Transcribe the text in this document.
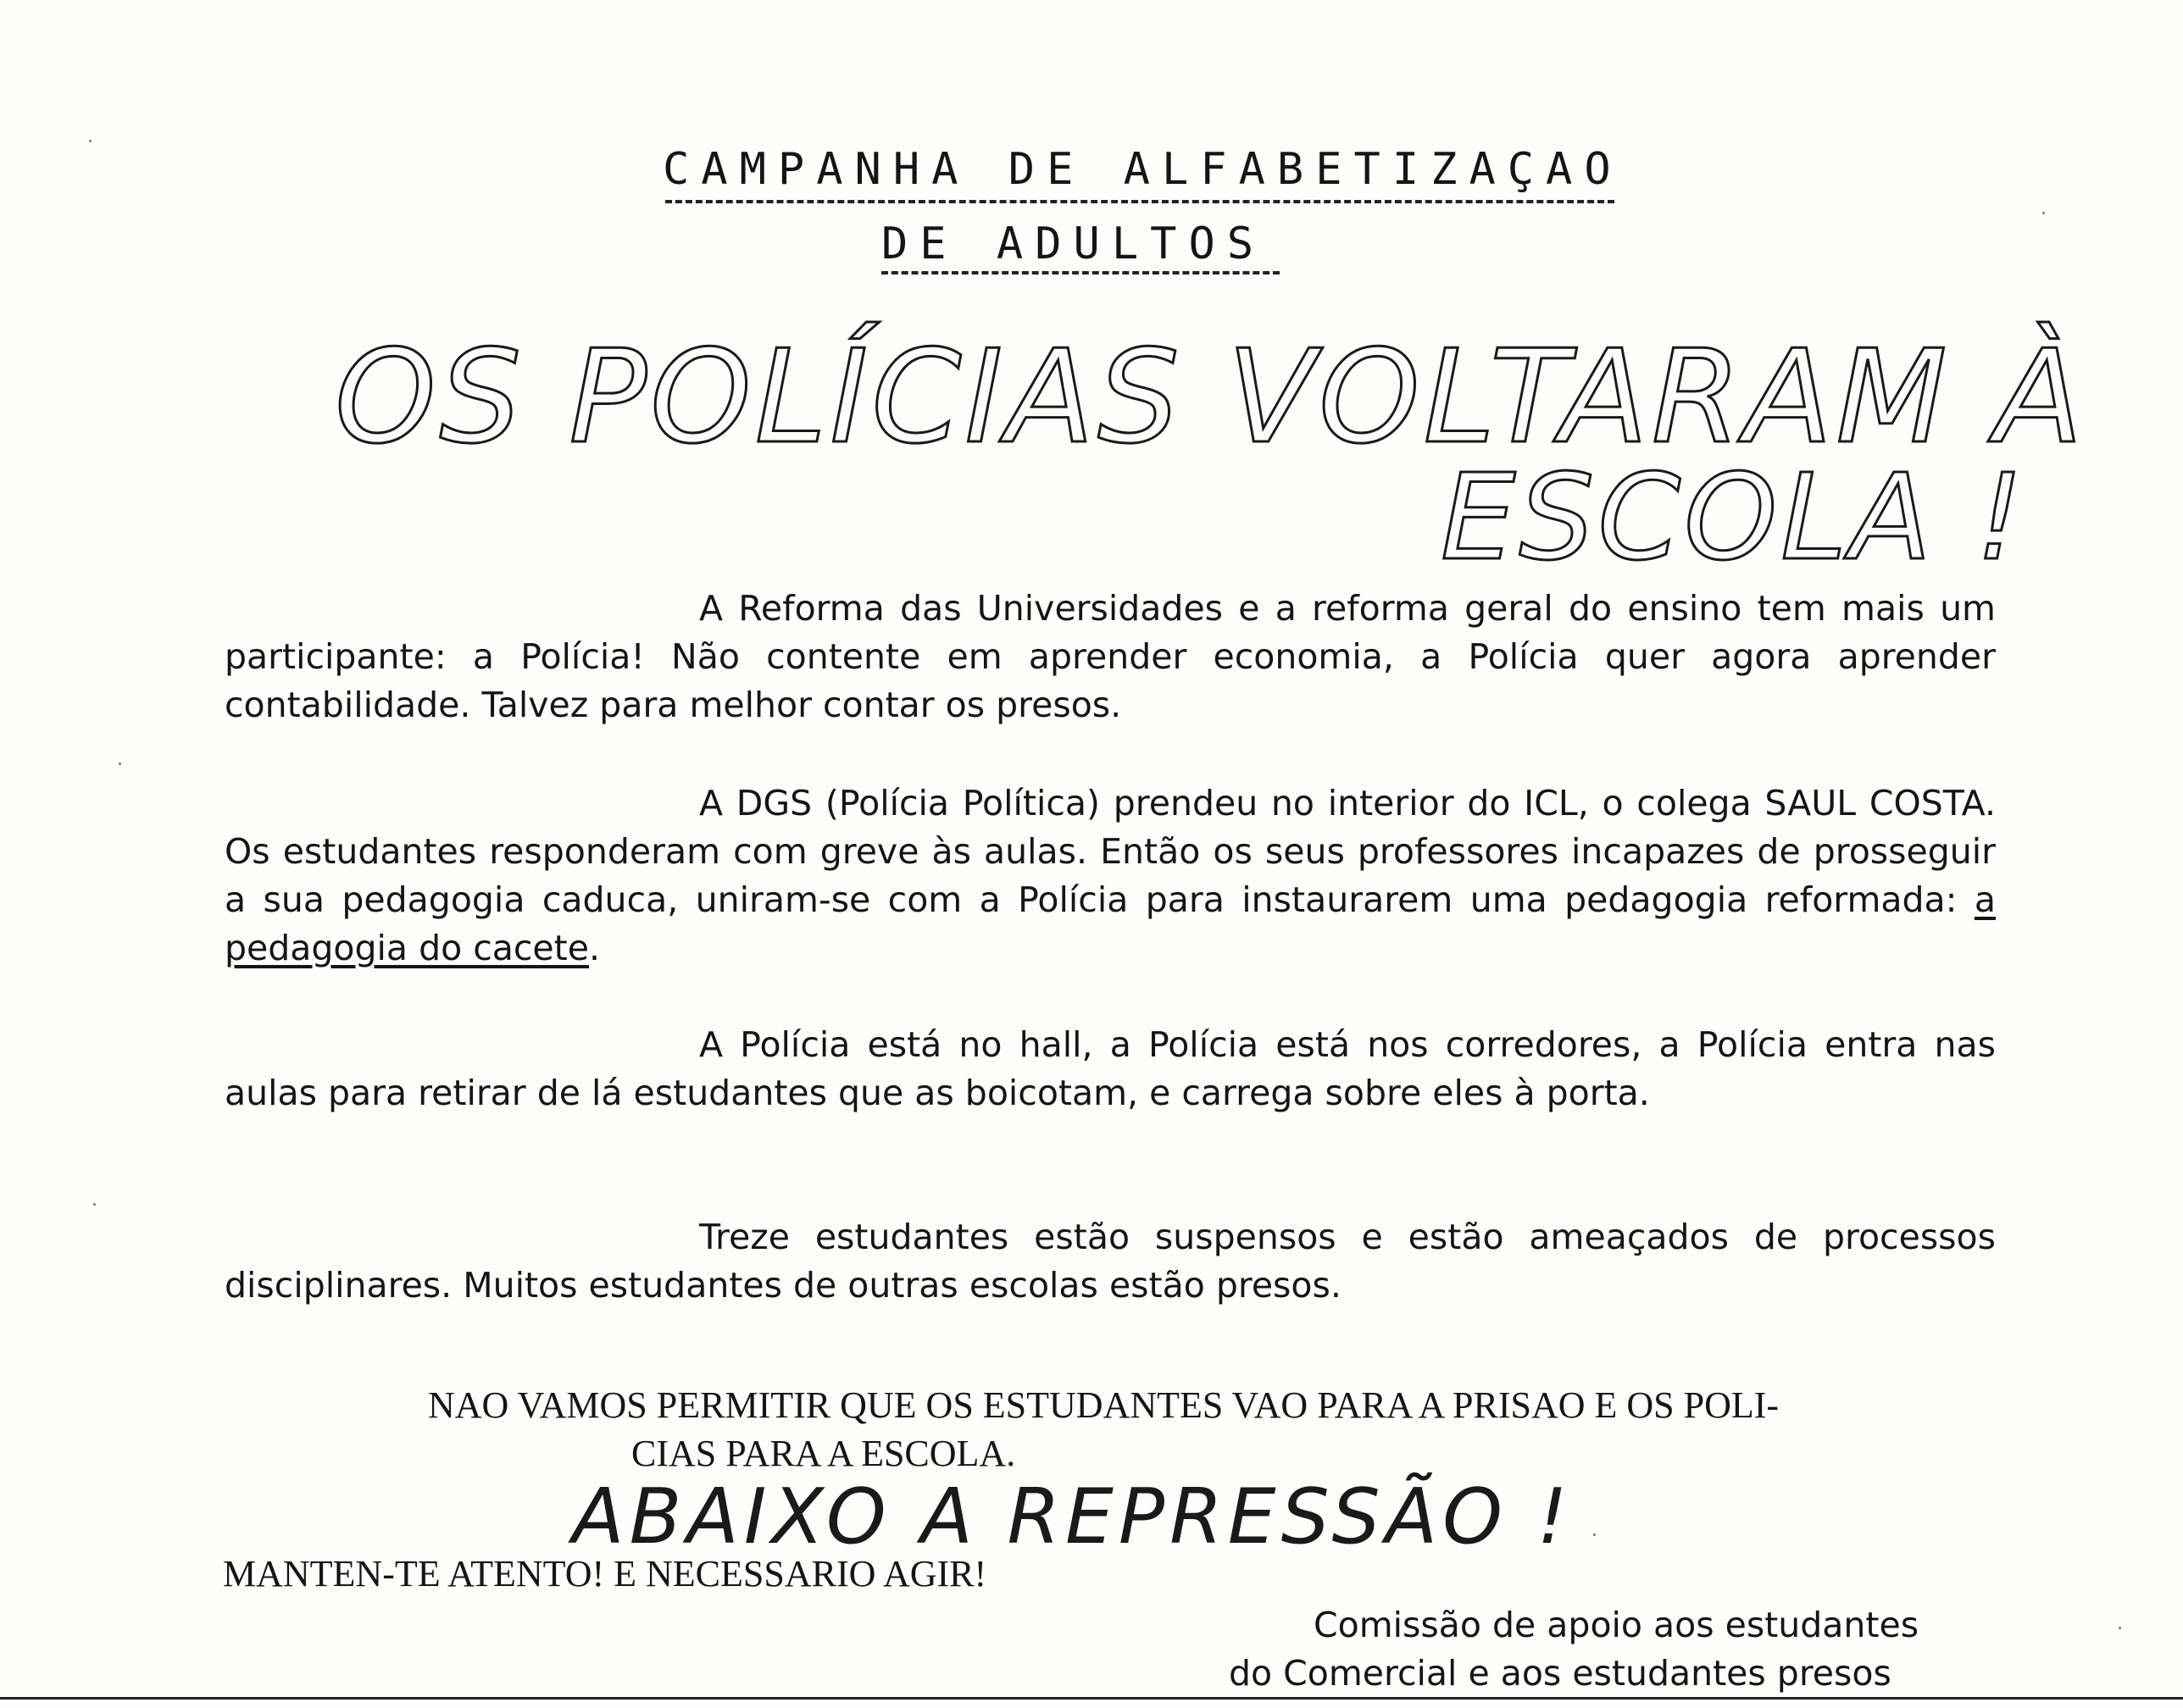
CAMPANHA DE ALFABETIZAÇAO
DE ADULTOS
OS POLÍCIAS VOLTARAM À
ESCOLA !
A Reforma das Universidades e a reforma geral do ensino tem mais um participante: a Polícia! Não contente em aprender economia, a Polícia quer agora aprender contabilidade. Talvez para melhor contar os presos.
A DGS (Polícia Política) prendeu no interior do ICL, o colega SAUL COSTA. Os estudantes responderam com greve às aulas. Então os seus professores incapazes de prosseguir a sua pedagogia caduca, uniram-se com a Polícia para instaurarem uma pedagogia reformada: a pedagogia do cacete.
A Polícia está no hall, a Polícia está nos corredores, a Polícia entra nas aulas para retirar de lá estudantes que as boicotam, e carrega sobre eles à porta.
Treze estudantes estão suspensos e estão ameaçados de processos disciplinares. Muitos estudantes de outras escolas estão presos.
NAO VAMOS PERMITIR QUE OS ESTUDANTES VAO PARA A PRISAO E OS POLI-
CIAS PARA A ESCOLA.
ABAIXO A REPRESSÃO !
MANTEN-TE ATENTO! E NECESSARIO AGIR!
Comissão de apoio aos estudantes
do Comercial e aos estudantes presos
